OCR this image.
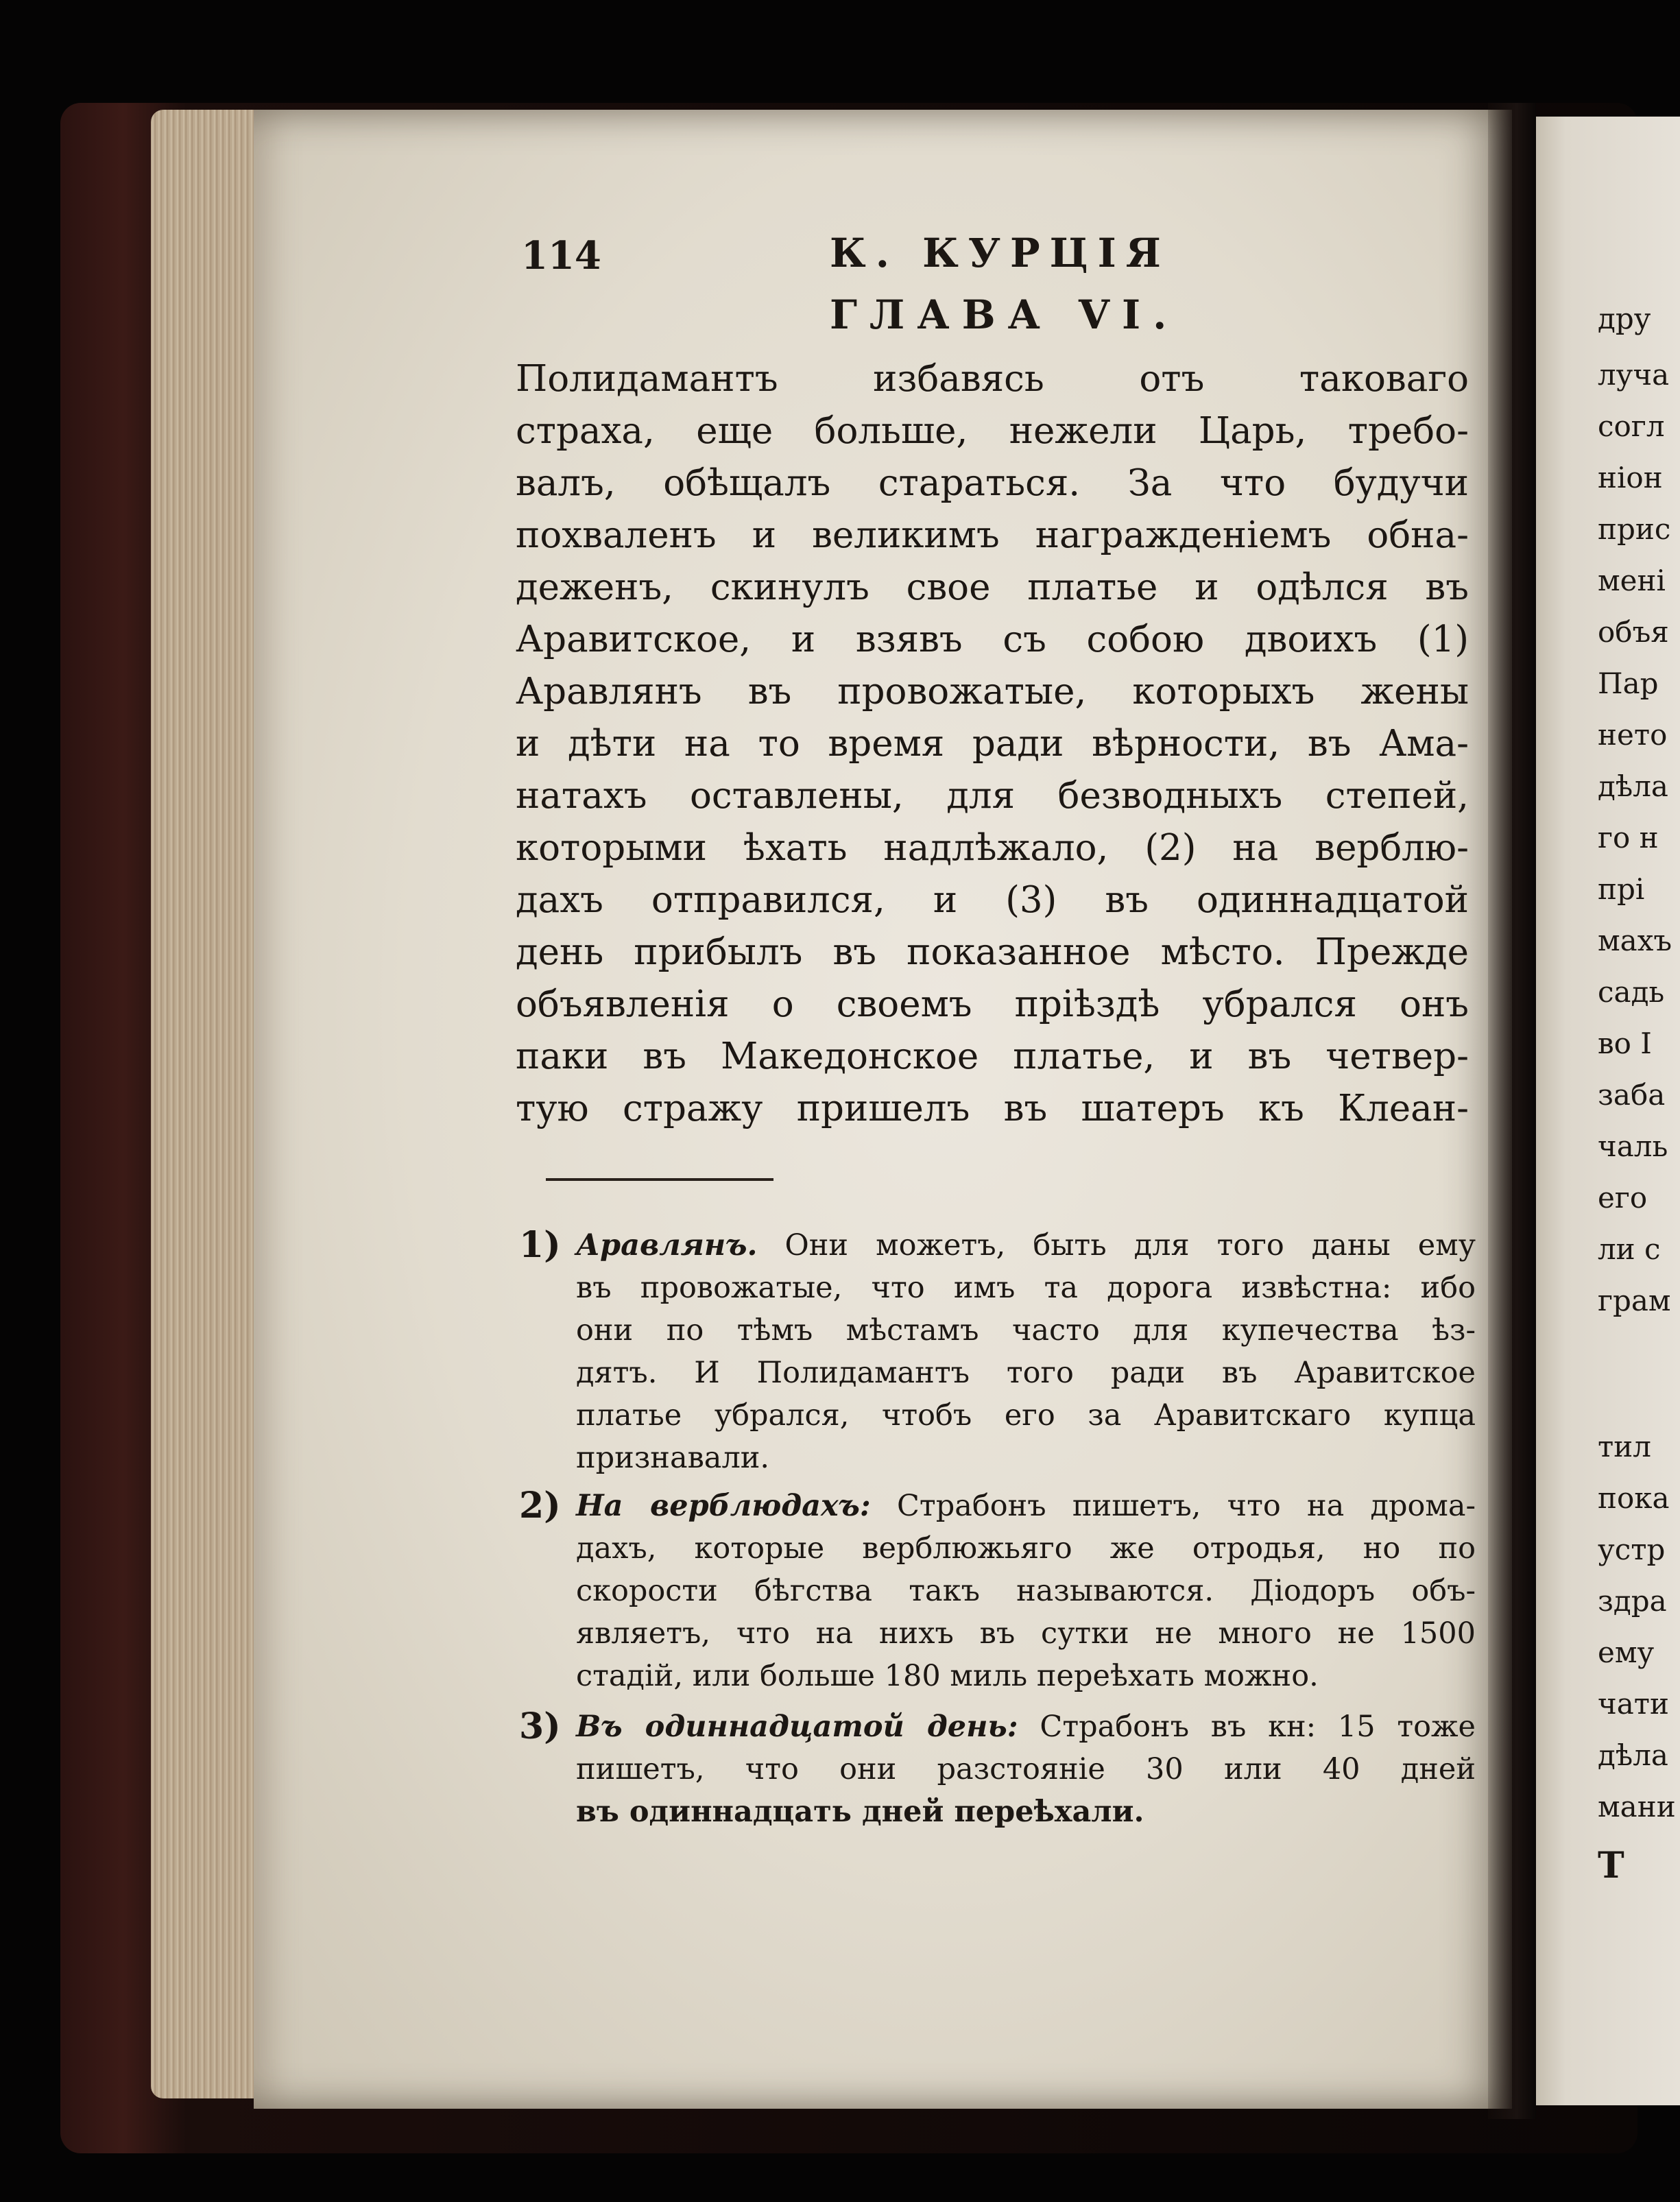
114	К. КУРЦІЯ
ГЛАВА VI.
Полидамантъ избавясь отъ таковаго
страха, еще больше, нежели Царь, требо-
валъ, обѣщалъ стараться. За что будучи
похваленъ и великимъ награжденіемъ обна-
деженъ, скинулъ свое платье и одѣлся въ
Аравитское, и взявъ съ собою двоихъ (1)
Аравлянъ въ провожатые, которыхъ жены
и дѣти на то время ради вѣрности, въ Ама-
натахъ оставлены, для безводныхъ степей,
которыми ѣхать надлѣжало, (2) на верблю-
дахъ отправился, и (3) въ одиннадцатой
день прибылъ въ показанное мѣсто. Прежде
объявленія о своемъ пріѣздѣ убрался онъ
паки въ Македонское платье, и въ четвер-
тую стражу пришелъ въ шатеръ къ Клеан-
1) Аравлянъ. Они можетъ, быть для того даны ему
въ провожатые, что имъ та дорога извѣстна: ибо
они по тѣмъ мѣстамъ часто для купечества ѣз-
дятъ. И Полидамантъ того ради въ Аравитское
платье убрался, чтобъ его за Аравитскаго купца
признавали.
2) На верблюдахъ: Страбонъ пишетъ, что на дрома-
дахъ, которые верблюжьяго же отродья, но по
скорости бѣгства такъ называются. Діодоръ объ-
являетъ, что на нихъ въ сутки не много не 1500
стадій, или больше 180 миль переѣхать можно.
3) Въ одиннадцатой день: Страбонъ въ кн: 15 тоже
пишетъ, что они разстояніе 30 или 40 дней
въ одиннадцать дней переѣхали.
дру
луча
согл
ніон
прис
мені
объя
Пар
нето
дѣла
го н
прі
махъ
садь
во І
заба
чаль
его
ли с
грам
тил
пока
устр
здра
ему
чати
дѣла
мани
Т
